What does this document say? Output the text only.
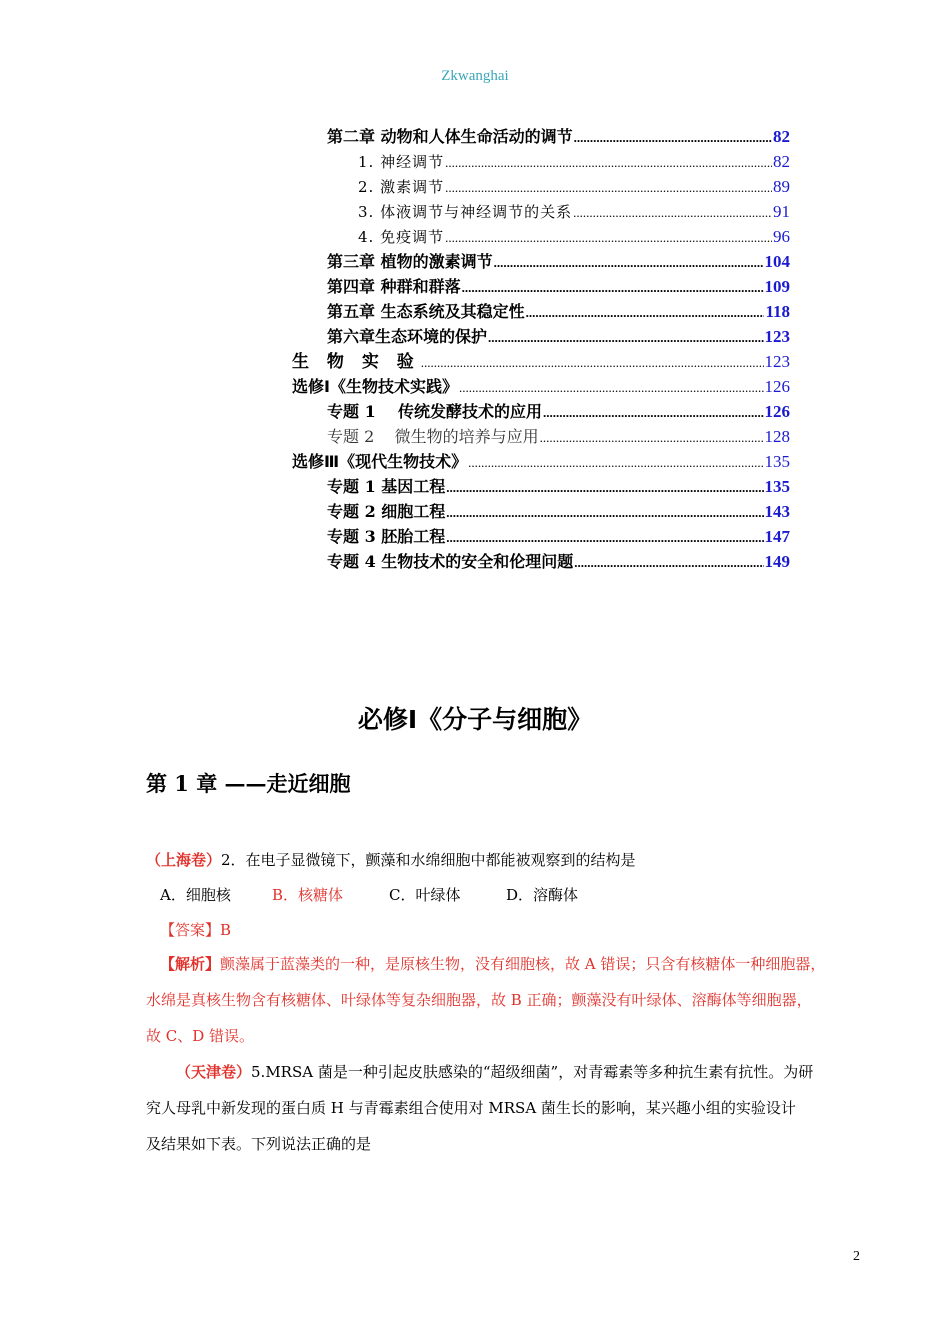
Zkwanghai
第二章 动物和人体生命活动的调节 .....	82
1. 神经调节 .....	82
2. 激素调节 .....	89
3. 体液调节与神经调节的关系 .....	91
4. 免疫调节 .....	96
第三章 植物的激素调节 .....	104
第四章 种群和群落 .....	109
第五章 生态系统及其稳定性 .....	118
第六章生态环境的保护 .....	123
生 物 实 验 .....	123
选修Ⅰ《生物技术实践》 .....	126
专题 1    传统发酵技术的应用 .....	126
专题 2    微生物的培养与应用 .....	128
选修Ⅲ《现代生物技术》 .....	135
专题 1 基因工程 .....	135
专题 2 细胞工程 .....	143
专题 3 胚胎工程 .....	147
专题 4 生物技术的安全和伦理问题 .....	149
必修Ⅰ《分子与细胞》
第 1 章 ——走近细胞
（上海卷）2．在电子显微镜下，颤藻和水绵细胞中都能被观察到的结构是
A．细胞核	B．核糖体	C．叶绿体	D．溶酶体
【答案】B
【解析】颤藻属于蓝藻类的一种，是原核生物，没有细胞核，故 A 错误；只含有核糖体一种细胞器，
水绵是真核生物含有核糖体、叶绿体等复杂细胞器，故 B 正确；颤藻没有叶绿体、溶酶体等细胞器，
故 C、D 错误。
（天津卷）5.MRSA 菌是一种引起皮肤感染的“超级细菌”，对青霉素等多种抗生素有抗性。为研
究人母乳中新发现的蛋白质 H 与青霉素组合使用对 MRSA 菌生长的影响，某兴趣小组的实验设计
及结果如下表。下列说法正确的是
2
